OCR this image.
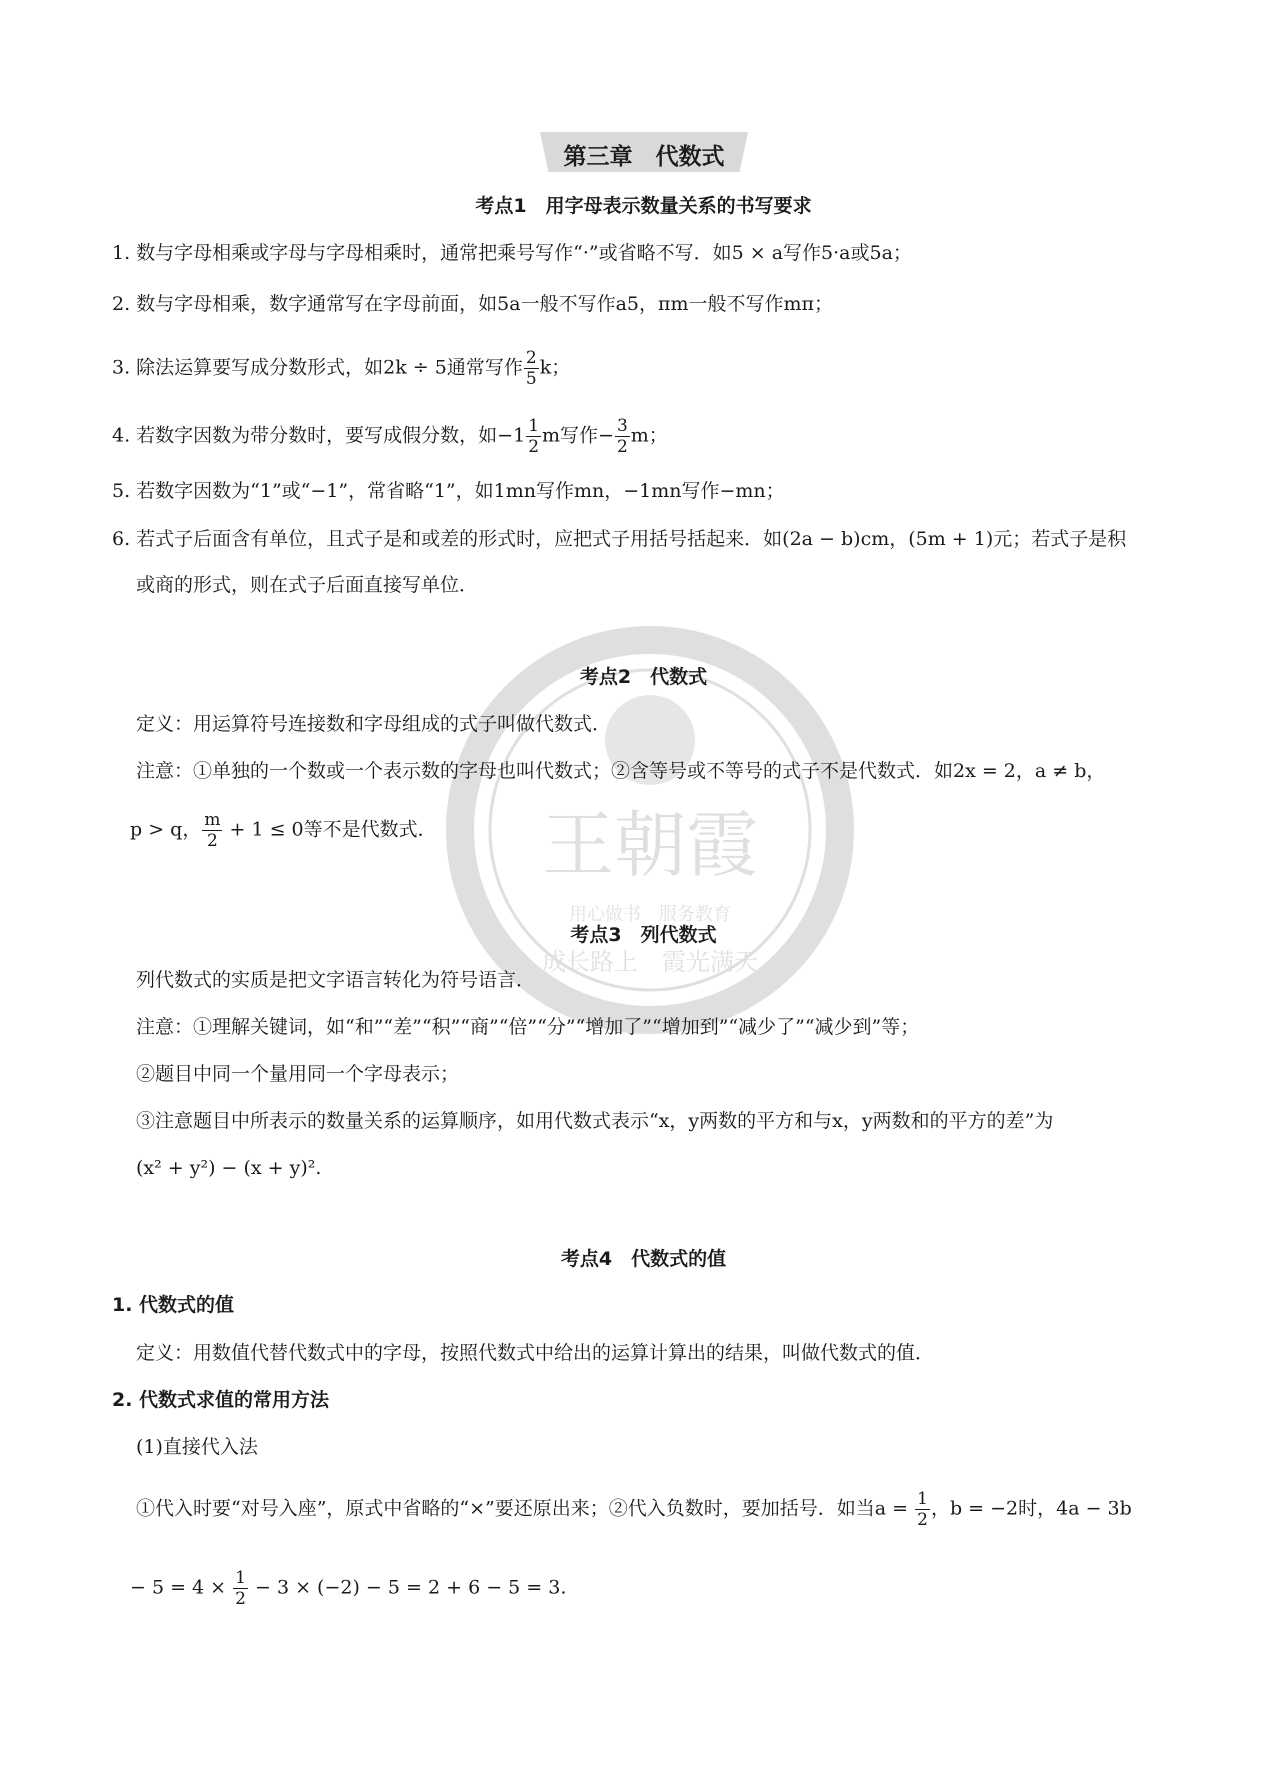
王朝霞
用心做书　服务教育
成长路上　霞光满天
第三章　代数式
考点1　用字母表示数量关系的书写要求
1. 数与字母相乘或字母与字母相乘时，通常把乘号写作“·”或省略不写．如5 × a写作5·a或5a；
2. 数与字母相乘，数字通常写在字母前面，如5a一般不写作a5，πm一般不写作mπ；
3. 除法运算要写成分数形式，如2k ÷ 5通常写作 $\frac{2}{5}$ k；
4. 若数字因数为带分数时，要写成假分数，如$-1 \frac{1}{2}$ m写作− $\frac{3}{2}$ m；
5. 若数字因数为“1”或“−1”，常省略“1”，如1mn写作mn，−1mn写作−mn；
6. 若式子后面含有单位，且式子是和或差的形式时，应把式子用括号括起来．如(2a − b)cm，(5m + 1)元；若式子是积
或商的形式，则在式子后面直接写单位．
考点2　代数式
定义：用运算符号连接数和字母组成的式子叫做代数式．
注意：①单独的一个数或一个表示数的字母也叫代数式；②含等号或不等号的式子不是代数式．如2x = 2，a ≠ b，
p > q， $\frac{m}{2} + 1 \le 0$等不是代数式．
考点3　列代数式
列代数式的实质是把文字语言转化为符号语言．
注意：①理解关键词，如“和”“差”“积”“商”“倍”“分”“增加了”“增加到”“减少了”“减少到”等；
②题目中同一个量用同一个字母表示；
③注意题目中所表示的数量关系的运算顺序，如用代数式表示“x，y两数的平方和与x，y两数和的平方的差”为
(x² + y²) − (x + y)².
考点4　代数式的值
1. 代数式的值
定义：用数值代替代数式中的字母，按照代数式中给出的运算计算出的结果，叫做代数式的值．
2. 代数式求值的常用方法
(1)直接代入法
①代入时要“对号入座”，原式中省略的“×”要还原出来；②代入负数时，要加括号．如当$a = \frac{1}{2}$ ，b = −2时，4a − 3b
− $5 = 4 \times \frac{1}{2} - 3 \times (-2) - 5 = 2 + 6 - 5 = 3$.
